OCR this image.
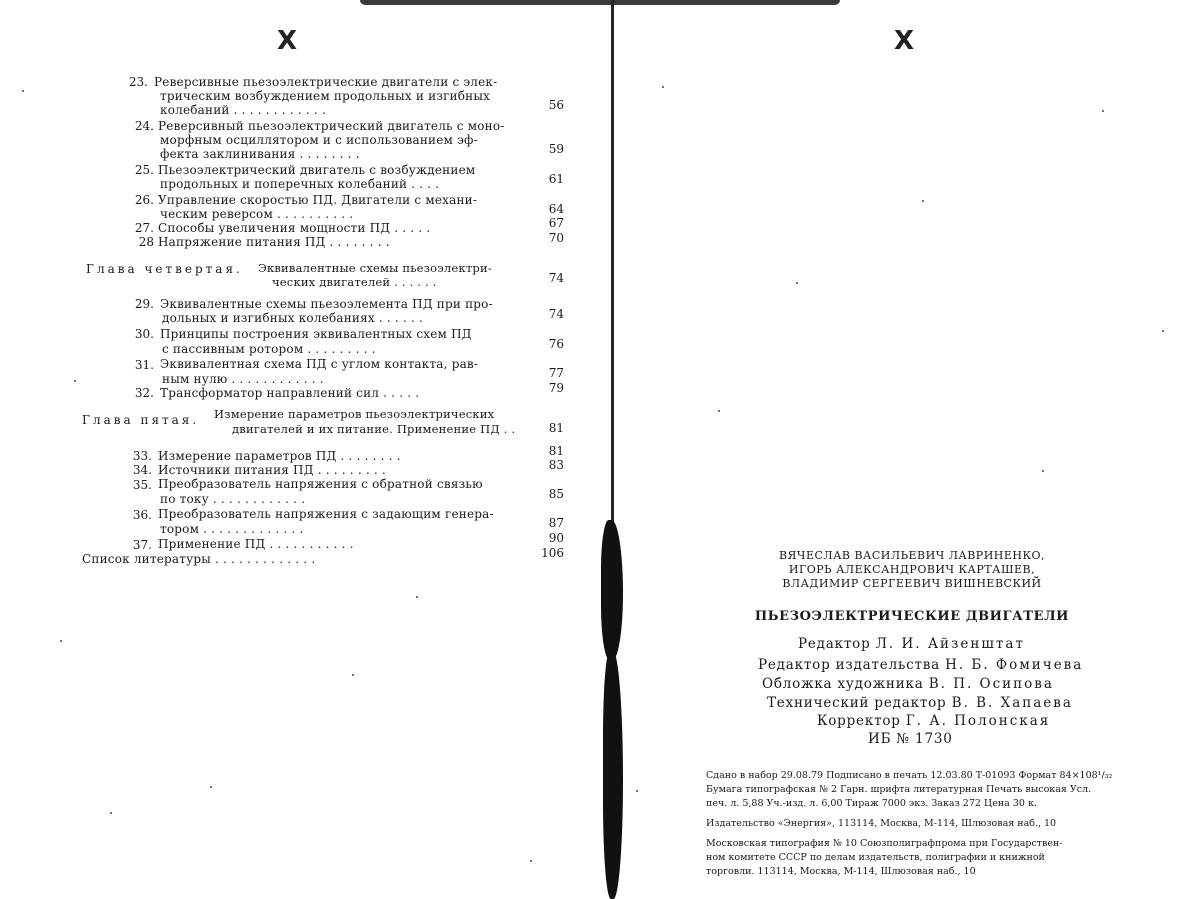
X
23. Реверсивные пьезоэлектрические двигатели с элек-
трическим возбуждением продольных и изгибных
колебаний . . . . . . . . . . . .	56
24. Реверсивный пьезоэлектрический двигатель с моно-
морфным осциллятором и с использованием эф-
фекта заклинивания . . . . . . . .	59
25. Пьезоэлектрический двигатель с возбуждением
продольных и поперечных колебаний . . . .	61
26. Управление скоростью ПД. Двигатели с механи-
ческим реверсом . . . . . . . . . .	64
27. Способы увеличения мощности ПД . . . . .	67
28 Напряжение питания ПД . . . . . . . .	70
Глава четвертая. Эквивалентные схемы пьезоэлектри-
ческих двигателей . . . . . .	74
29. Эквивалентные схемы пьезоэлемента ПД при про-
дольных и изгибных колебаниях . . . . . .	74
30. Принципы построения эквивалентных схем ПД
с пассивным ротором . . . . . . . . .	76
31. Эквивалентная схема ПД с углом контакта, рав-
ным нулю . . . . . . . . . . . .	77
32. Трансформатор направлений сил . . . . .	79
Глава пятая. Измерение параметров пьезоэлектрических
двигателей и их питание. Применение ПД . .	81
33. Измерение параметров ПД . . . . . . . .	81
34. Источники питания ПД . . . . . . . . .	83
35. Преобразователь напряжения с обратной связью
по току . . . . . . . . . . . .	85
36. Преобразователь напряжения с задающим генера-
тором . . . . . . . . . . . . .	87
37. Применение ПД . . . . . . . . . . .	90
Список литературы . . . . . . . . . . . . .	106
X
ВЯЧЕСЛАВ ВАСИЛЬЕВИЧ ЛАВРИНЕНКО,
ИГОРЬ АЛЕКСАНДРОВИЧ КАРТАШЕВ,
ВЛАДИМИР СЕРГЕЕВИЧ ВИШНЕВСКИЙ
ПЬЕЗОЭЛЕКТРИЧЕСКИЕ ДВИГАТЕЛИ
Редактор Л. И. Айзенштат
Редактор издательства Н. Б. Фомичева
Обложка художника В. П. Осипова
Технический редактор В. В. Хапаева
Корректор Г. А. Полонская
ИБ № 1730
Сдано в набор 29.08.79 Подписано в печать 12.03.80 Т-01093 Формат 84×108¹/₃₂
Бумага типографская № 2 Гарн. шрифта литературная Печать высокая Усл.
печ. л. 5,88 Уч.-изд. л. 6,00 Тираж 7000 экз. Заказ 272 Цена 30 к.
Издательство «Энергия», 113114, Москва, М-114, Шлюзовая наб., 10
Московская типография № 10 Союзполиграфпрома при Государствен-
ном комитете СССР по делам издательств, полиграфии и книжной
торговли. 113114, Москва, М-114, Шлюзовая наб., 10
